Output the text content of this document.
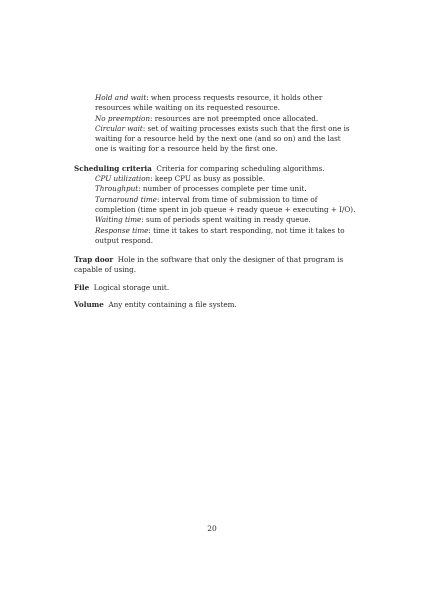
Hold and wait: when process requests resource, it holds other resources while waiting on its requested resource.

No preemption: resources are not preempted once allocated.

Circular wait: set of waiting processes exists such that the first one is waiting for a resource held by the next one (and so on) and the last one is waiting for a resource held by the first one.

Scheduling criteria Criteria for comparing scheduling algorithms.

CPU utilization: keep CPU as busy as possible.

Throughput: number of processes complete per time unit.

Turnaround time: interval from time of submission to time of completion (time spent in job queue + ready queue + executing + I/O).

Waiting time: sum of periods spent waiting in ready queue.

Response time: time it takes to start responding, not time it takes to output respond.

Trap door Hole in the software that only the designer of that program is capable of using.

File Logical storage unit.

Volume Any entity containing a file system.

20
